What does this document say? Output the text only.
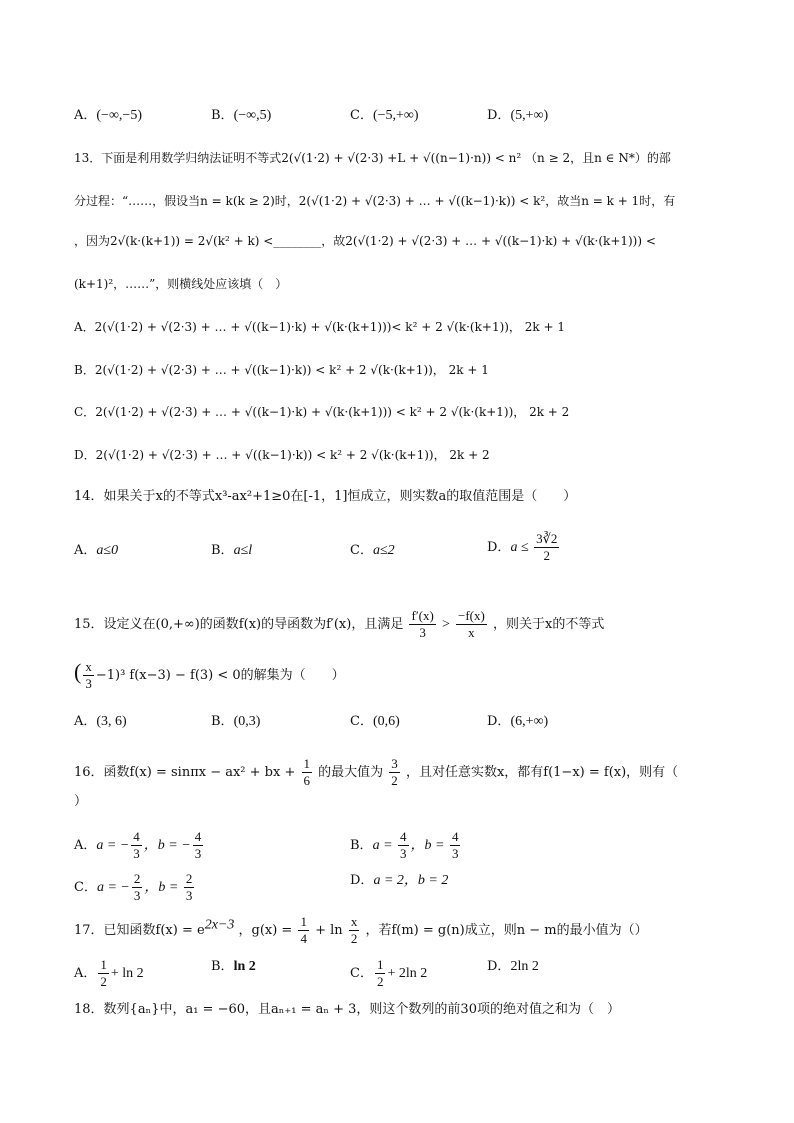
A．(−∞,−5)	B．(−∞,5)	C．(−5,+∞)	D．(5,+∞)
13．下面是利用数学归纳法证明不等式2(√(1·2) + √(2·3) +L + √((n−1)·n)) < n² （n ≥ 2，且n ∈ N*）的部
分过程：“……，假设当n = k(k ≥ 2)时，2(√(1·2) + √(2·3) + … + √((k−1)·k)) < k²，故当n = k + 1时，有
，因为2√(k·(k+1)) = 2√(k² + k) <________，故2(√(1·2) + √(2·3) + … + √((k−1)·k) + √(k·(k+1))) <
(k+1)²，……”，则横线处应该填（　）
A．2(√(1·2) + √(2·3) + … + √((k−1)·k) + √(k·(k+1)))< k² + 2 √(k·(k+1))， 2k + 1
B．2(√(1·2) + √(2·3) + … + √((k−1)·k)) < k² + 2 √(k·(k+1))， 2k + 1
C．2(√(1·2) + √(2·3) + … + √((k−1)·k) + √(k·(k+1))) < k² + 2 √(k·(k+1))， 2k + 2
D．2(√(1·2) + √(2·3) + … + √((k−1)·k)) < k² + 2 √(k·(k+1))， 2k + 2
14．如果关于x的不等式x³-ax²+1≥0在[-1，1]恒成立，则实数a的取值范围是（　　）
A．a≤0	B．a≤l	C．a≤2	D．$a \le \frac{3∛2}{2}$
15．设定义在(0,+∞)的函数f(x)的导函数为f′(x)，且满足 $\frac{f'(x)}{3} > \frac{-f(x)}{x}$ ，则关于x的不等式
( $\frac{x}{3} -1)^3$ f(x−3) − f(3) < 0的解集为（　　）
A．(3, 6)	B．(0,3)	C．(0,6)	D．(6,+∞)
16．函数f(x) = sinπx − ax² + bx + $\frac{1}{6}$ 的最大值为 $\frac{3}{2}$ ，且对任意实数x，都有f(1−x) = f(x)，则有（
）
A．a = − $\frac{4}{3}$ ，b = − $\frac{4}{3}$	B．$a = \frac{4}{3}$ ，$b = \frac{4}{3}$
C．a = − $\frac{2}{3}$ ，$b = \frac{2}{3}$	D．a = 2，b = 2
17．已知函数$f(x) = e^{2x-3}$ ，$g(x) = \frac{1}{4} + \ln \frac{x}{2}$ ，若f(m) = g(n)成立，则n − m的最小值为（）
A． $\frac{1}{2} + \ln 2$	B．ln 2	C． $\frac{1}{2} + 2\ln$ 2	D．2ln 2
18．数列{aₙ}中，a₁ = −60，且aₙ₊₁ = aₙ + 3，则这个数列的前30项的绝对值之和为（　）
